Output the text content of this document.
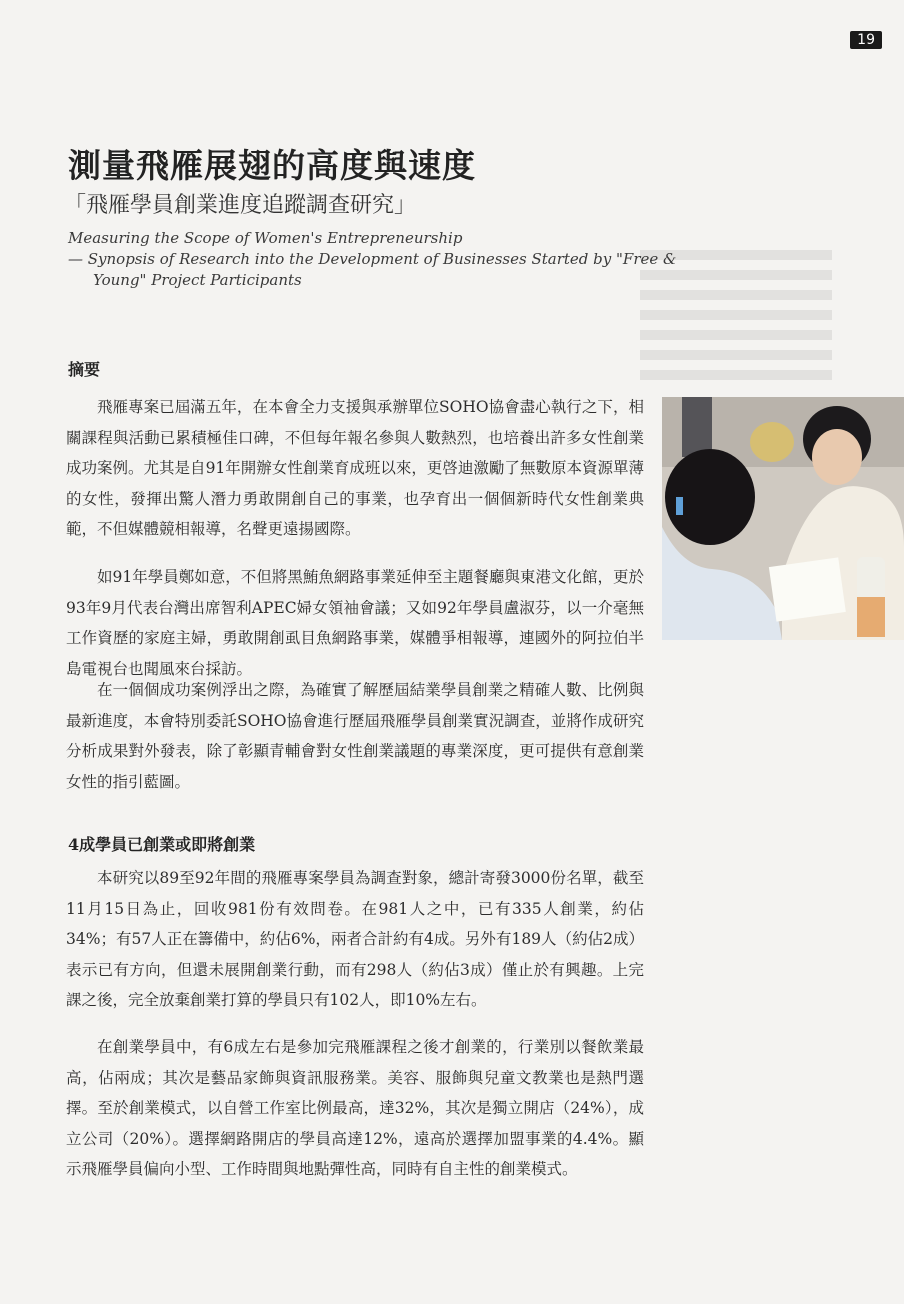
19
測量飛雁展翅的高度與速度
「飛雁學員創業進度追蹤調查研究」
Measuring the Scope of Women's Entrepreneurship
— Synopsis of Research into the Development of Businesses Started by "Free &
Young" Project Participants
摘要

飛雁專案已屆滿五年，在本會全力支援與承辦單位SOHO協會盡心執行之下，相關課程與活動已累積極佳口碑，不但每年報名參與人數熱烈，也培養出許多女性創業成功案例。尤其是自91年開辦女性創業育成班以來，更啓迪激勵了無數原本資源單薄的女性，發揮出驚人潛力勇敢開創自己的事業，也孕育出一個個新時代女性創業典範，不但媒體競相報導，名聲更遠揚國際。

如91年學員鄭如意，不但將黑鮪魚網路事業延伸至主題餐廳與東港文化館，更於93年9月代表台灣出席智利APEC婦女領袖會議；又如92年學員盧淑芬，以一介毫無工作資歷的家庭主婦，勇敢開創虱目魚網路事業，媒體爭相報導，連國外的阿拉伯半島電視台也聞風來台採訪。

在一個個成功案例浮出之際，為確實了解歷屆結業學員創業之精確人數、比例與最新進度，本會特別委託SOHO協會進行歷屆飛雁學員創業實況調查，並將作成研究分析成果對外發表，除了彰顯青輔會對女性創業議題的專業深度，更可提供有意創業女性的指引藍圖。

4成學員已創業或即將創業

本研究以89至92年間的飛雁專案學員為調查對象，總計寄發3000份名單，截至11月15日為止，回收981份有效問卷。在981人之中，已有335人創業，約佔34%；有57人正在籌備中，約佔6%，兩者合計約有4成。另外有189人（約佔2成）表示已有方向，但還未展開創業行動，而有298人（約佔3成）僅止於有興趣。上完課之後，完全放棄創業打算的學員只有102人，即10%左右。

在創業學員中，有6成左右是參加完飛雁課程之後才創業的，行業別以餐飲業最高，佔兩成；其次是藝品家飾與資訊服務業。美容、服飾與兒童文教業也是熱門選擇。至於創業模式，以自營工作室比例最高，達32%，其次是獨立開店（24%），成立公司（20%）。選擇網路開店的學員高達12%，遠高於選擇加盟事業的4.4%。顯示飛雁學員偏向小型、工作時間與地點彈性高，同時有自主性的創業模式。
